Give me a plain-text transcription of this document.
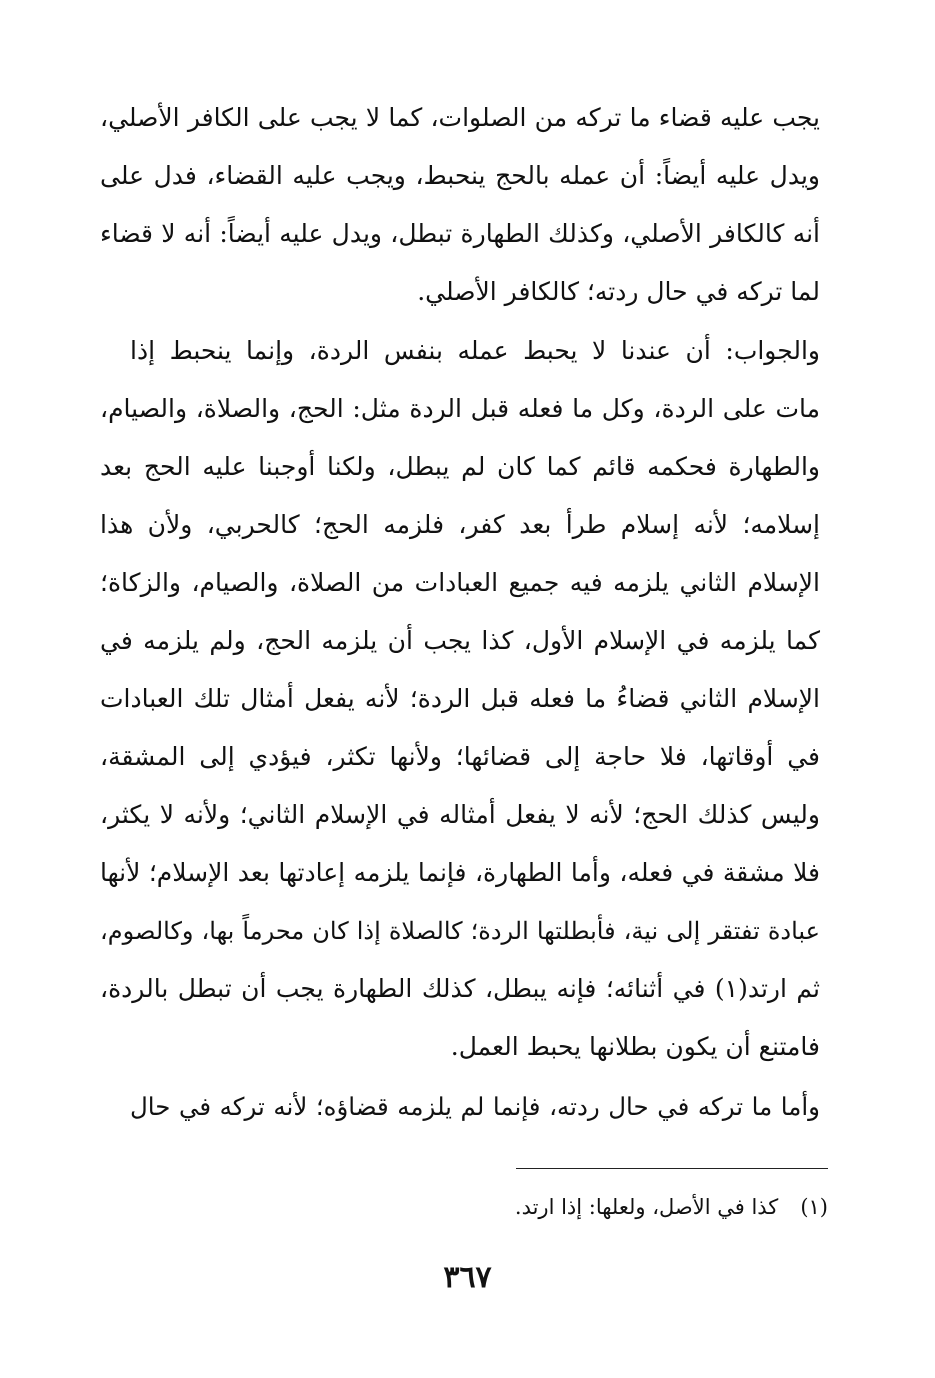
يجب عليه قضاء ما تركه من الصلوات، كما لا يجب على الكافر الأصلي،
ويدل عليه أيضاً: أن عمله بالحج ينحبط، ويجب عليه القضاء، فدل على
أنه كالكافر الأصلي، وكذلك الطهارة تبطل، ويدل عليه أيضاً: أنه لا قضاء
لما تركه في حال ردته؛ كالكافر الأصلي.
والجواب: أن عندنا لا يحبط عمله بنفس الردة، وإنما ينحبط إذا
مات على الردة، وكل ما فعله قبل الردة مثل: الحج، والصلاة، والصيام،
والطهارة فحكمه قائم كما كان لم يبطل، ولكنا أوجبنا عليه الحج بعد
إسلامه؛ لأنه إسلام طرأ بعد كفر، فلزمه الحج؛ كالحربي، ولأن هذا
الإسلام الثاني يلزمه فيه جميع العبادات من الصلاة، والصيام، والزكاة؛
كما يلزمه في الإسلام الأول، كذا يجب أن يلزمه الحج، ولم يلزمه في
الإسلام الثاني قضاءُ ما فعله قبل الردة؛ لأنه يفعل أمثال تلك العبادات
في أوقاتها، فلا حاجة إلى قضائها؛ ولأنها تكثر، فيؤدي إلى المشقة،
وليس كذلك الحج؛ لأنه لا يفعل أمثاله في الإسلام الثاني؛ ولأنه لا يكثر،
فلا مشقة في فعله، وأما الطهارة، فإنما يلزمه إعادتها بعد الإسلام؛ لأنها
عبادة تفتقر إلى نية، فأبطلتها الردة؛ كالصلاة إذا كان محرماً بها، وكالصوم،
ثم ارتد(١) في أثنائه؛ فإنه يبطل، كذلك الطهارة يجب أن تبطل بالردة،
فامتنع أن يكون بطلانها يحبط العمل.
وأما ما تركه في حال ردته، فإنما لم يلزمه قضاؤه؛ لأنه تركه في حال
(١)كذا في الأصل، ولعلها: إذا ارتد.
٣٦٧
